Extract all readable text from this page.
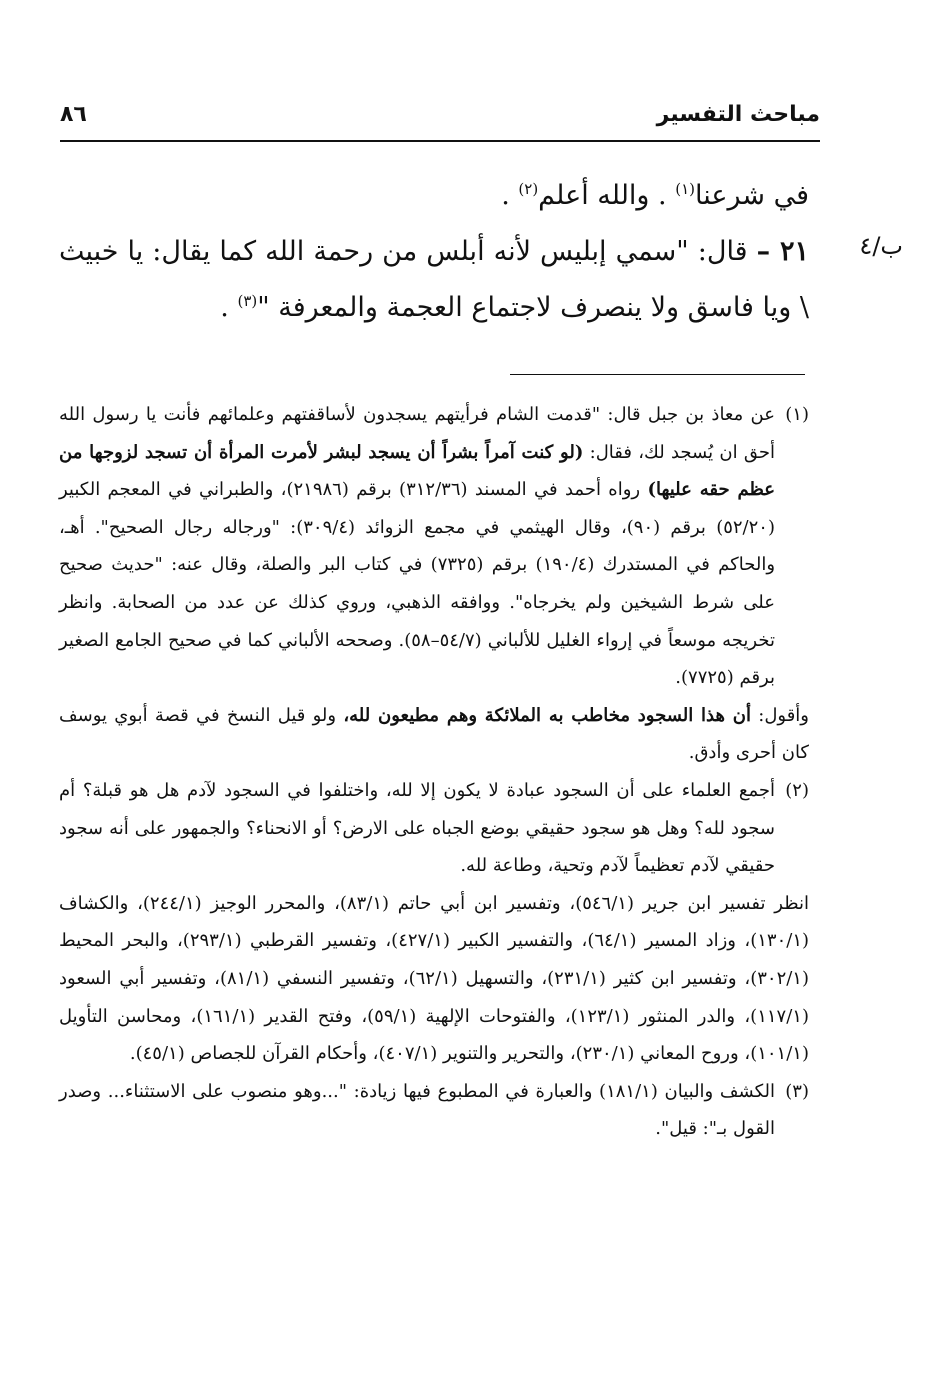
مباحث التفسير
٨٦
ب/٤

في شرعنا$^{(١)}$ . والله أعلم$^{(٢)}$ .

٢١ – قال: "سمي إبليس لأنه أبلس من رحمة الله كما يقال: يا خبيث \ ويا فاسق ولا ينصرف لاجتماع العجمة والمعرفة "$^{(٣)}$ .

(١)
عن معاذ بن جبل قال: "قدمت الشام فرأيتهم يسجدون لأساقفتهم وعلمائهم فأنت يا رسول الله أحق ان يُسجد لك، فقال: (لو كنت آمراً بشراً أن يسجد لبشر لأمرت المرأة أن تسجد لزوجها من عظم حقه عليها) رواه أحمد في المسند (٣١٢/٣٦) برقم (٢١٩٨٦)، والطبراني في المعجم الكبير (٥٢/٢٠) برقم (٩٠)، وقال الهيثمي في مجمع الزوائد (٣٠٩/٤): "ورجاله رجال الصحيح". أهـ، والحاكم في المستدرك (١٩٠/٤) برقم (٧٣٢٥) في كتاب البر والصلة، وقال عنه: "حديث صحيح على شرط الشيخين ولم يخرجاه". ووافقه الذهبي، وروي كذلك عن عدد من الصحابة. وانظر تخريجه موسعاً في إرواء الغليل للألباني (٥٤/٧–٥٨). وصححه الألباني كما في صحيح الجامع الصغير برقم (٧٧٢٥).
وأقول: أن هذا السجود مخاطب به الملائكة وهم مطيعون لله، ولو قيل النسخ في قصة أبوي يوسف كان أحرى وأدق.
(٢)
أجمع العلماء على أن السجود عبادة لا يكون إلا لله، واختلفوا في السجود لآدم هل هو قبلة؟ أم سجود لله؟ وهل هو سجود حقيقي بوضع الجباه على الارض؟ أو الانحناء؟ والجمهور على أنه سجود حقيقي لآدم تعظيماً لآدم وتحية، وطاعة لله.
انظر تفسير ابن جرير (٥٤٦/١)، وتفسير ابن أبي حاتم (٨٣/١)، والمحرر الوجيز (٢٤٤/١)، والكشاف (١٣٠/١)، وزاد المسير (٦٤/١)، والتفسير الكبير (٤٢٧/١)، وتفسير القرطبي (٢٩٣/١)، والبحر المحيط (٣٠٢/١)، وتفسير ابن كثير (٢٣١/١)، والتسهيل (٦٢/١)، وتفسير النسفي (٨١/١)، وتفسير أبي السعود (١١٧/١)، والدر المنثور (١٢٣/١)، والفتوحات الإلهية (٥٩/١)، وفتح القدير (١٦١/١)، ومحاسن التأويل (١٠١/١)، وروح المعاني (٢٣٠/١)، والتحرير والتنوير (٤٠٧/١)، وأحكام القرآن للجصاص (٤٥/١).
(٣)
الكشف والبيان (١٨١/١) والعبارة في المطبوع فيها زيادة: "...وهو منصوب على الاستثناء... وصدر القول بـ": قيل".
